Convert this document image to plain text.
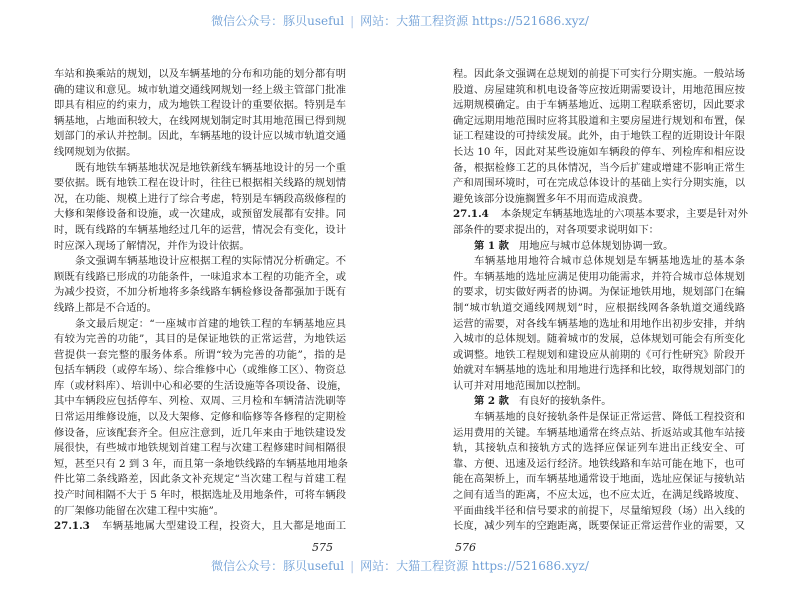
微信公众号：豚贝useful | 网站：大猫工程资源 https://521686.xyz/
车站和换乘站的规划，以及车辆基地的分布和功能的划分都有明
确的建议和意见。城市轨道交通线网规划一经上级主管部门批准
即具有相应的约束力，成为地铁工程设计的重要依据。特别是车
辆基地，占地面积较大，在线网规划制定时其用地范围已得到规
划部门的承认并控制。因此，车辆基地的设计应以城市轨道交通
线网规划为依据。
既有地铁车辆基地状况是地铁新线车辆基地设计的另一个重
要依据。既有地铁工程在设计时，往往已根据相关线路的规划情
况，在功能、规模上进行了综合考虑，特别是车辆段高级修程的
大修和架修设备和设施，或一次建成，或预留发展都有安排。同
时，既有线路的车辆基地经过几年的运营，情况会有变化，设计
时应深入现场了解情况，并作为设计依据。
条文强调车辆基地设计应根据工程的实际情况分析确定。不
顾既有线路已形成的功能条件，一味追求本工程的功能齐全，或
为减少投资，不加分析地将多条线路车辆检修设备都强加于既有
线路上都是不合适的。
条文最后规定：“一座城市首建的地铁工程的车辆基地应具
有较为完善的功能”，其目的是保证地铁的正常运营，为地铁运
营提供一套完整的服务体系。所谓“较为完善的功能”，指的是
包括车辆段（或停车场）、综合维修中心（或维修工区）、物资总
库（或材料库）、培训中心和必要的生活设施等各项设备、设施，
其中车辆段应包括停车、列检、双周、三月检和车辆清洁洗刷等
日常运用维修设施，以及大架修、定修和临修等各修程的定期检
修设备，应该配套齐全。但应注意到，近几年来由于地铁建设发
展很快，有些城市地铁规划首建工程与次建工程修建时间相隔很
短，甚至只有 2 到 3 年，而且第一条地铁线路的车辆基地用地条
件比第二条线路差，因此条文补充规定“当次建工程与首建工程
投产时间相隔不大于 5 年时，根据选址及用地条件，可将车辆段
的厂架修功能留在次建工程中实施”。
27.1.3 车辆基地属大型建设工程，投资大，且大都是地面工
程。因此条文强调在总规划的前提下可实行分期实施。一般站场
股道、房屋建筑和机电设备等应按近期需要设计，用地范围应按
远期规模确定。由于车辆基地近、远期工程联系密切，因此要求
确定远期用地范围时应将其股道和主要房屋进行规划和布置，保
证工程建设的可持续发展。此外，由于地铁工程的近期设计年限
长达 10 年，因此对某些设施如车辆段的停车、列检库和相应设
备，根据检修工艺的具体情况，当今后扩建或增建不影响正常生
产和周围环境时，可在完成总体设计的基础上实行分期实施，以
避免该部分设施搁置多年不用而造成浪费。
27.1.4 本条规定车辆基地选址的六项基本要求，主要是针对外
部条件的要求提出的，对各项要求说明如下：
第 1 款 用地应与城市总体规划协调一致。
车辆基地用地符合城市总体规划是车辆基地选址的基本条
件。车辆基地的选址应满足使用功能需求，并符合城市总体规划
的要求，切实做好两者的协调。为保证地铁用地，规划部门在编
制“城市轨道交通线网规划”时，应根据线网各条轨道交通线路
运营的需要，对各线车辆基地的选址和用地作出初步安排，并纳
入城市的总体规划。随着城市的发展，总体规划可能会有所变化
或调整。地铁工程规划和建设应从前期的《可行性研究》阶段开
始就对车辆基地的选址和用地进行选择和比较，取得规划部门的
认可并对用地范围加以控制。
第 2 款 有良好的接轨条件。
车辆基地的良好接轨条件是保证正常运营、降低工程投资和
运用费用的关键。车辆基地通常在终点站、折返站或其他车站接
轨，其接轨点和接轨方式的选择应保证列车进出正线安全、可
靠、方便、迅速及运行经济。地铁线路和车站可能在地下，也可
能在高架桥上，而车辆基地通常设于地面，选址应保证与接轨站
之间有适当的距离，不应太远，也不应太近，在满足线路坡度、
平面曲线半径和信号要求的前提下，尽量缩短段（场）出入线的
长度，减少列车的空跑距离，既要保证正常运营作业的需要，又
575	576
微信公众号：豚贝useful | 网站：大猫工程资源 https://521686.xyz/
